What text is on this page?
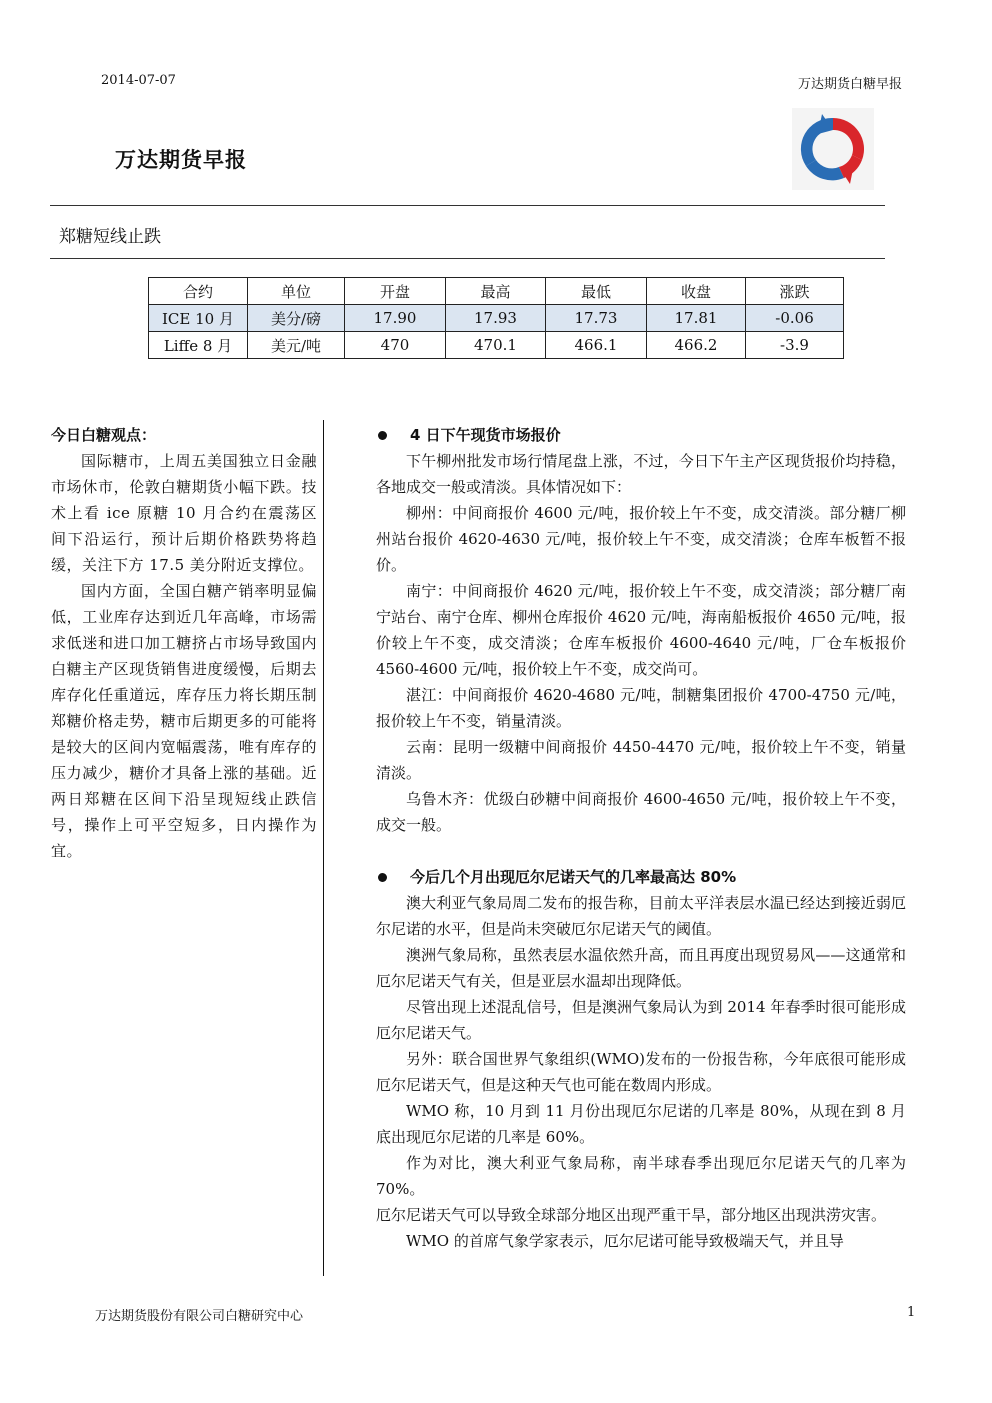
2014-07-07	万达期货白糖早报
万达期货早报
郑糖短线止跌
合约	单位	开盘	最高	最低	收盘	涨跌
ICE 10 月	美分/磅	17.90	17.93	17.73	17.81	-0.06
Liffe 8 月	美元/吨	470	470.1	466.1	466.2	-3.9
今日白糖观点：

国际糖市，上周五美国独立日金融市场休市，伦敦白糖期货小幅下跌。技术上看 ice 原糖 10 月合约在震荡区间下沿运行，预计后期价格跌势将趋缓，关注下方 17.5 美分附近支撑位。

国内方面，全国白糖产销率明显偏低，工业库存达到近几年高峰，市场需求低迷和进口加工糖挤占市场导致国内白糖主产区现货销售进度缓慢，后期去库存化任重道远，库存压力将长期压制郑糖价格走势，糖市后期更多的可能将是较大的区间内宽幅震荡，唯有库存的压力减少，糖价才具备上涨的基础。近两日郑糖在区间下沿呈现短线止跌信号，操作上可平空短多，日内操作为宜。

4 日下午现货市场报价

下午柳州批发市场行情尾盘上涨，不过，今日下午主产区现货报价均持稳，各地成交一般或清淡。具体情况如下：

柳州：中间商报价 4600 元/吨，报价较上午不变，成交清淡。部分糖厂柳州站台报价 4620-4630 元/吨，报价较上午不变，成交清淡；仓库车板暂不报价。

南宁：中间商报价 4620 元/吨，报价较上午不变，成交清淡；部分糖厂南宁站台、南宁仓库、柳州仓库报价 4620 元/吨，海南船板报价 4650 元/吨，报价较上午不变，成交清淡；仓库车板报价 4600-4640 元/吨，厂仓车板报价 4560-4600 元/吨，报价较上午不变，成交尚可。

湛江：中间商报价 4620-4680 元/吨，制糖集团报价 4700-4750 元/吨，报价较上午不变，销量清淡。

云南：昆明一级糖中间商报价 4450-4470 元/吨，报价较上午不变，销量清淡。

乌鲁木齐：优级白砂糖中间商报价 4600-4650 元/吨，报价较上午不变，成交一般。

今后几个月出现厄尔尼诺天气的几率最高达 80%

澳大利亚气象局周二发布的报告称，目前太平洋表层水温已经达到接近弱厄尔尼诺的水平，但是尚未突破厄尔尼诺天气的阈值。

澳洲气象局称，虽然表层水温依然升高，而且再度出现贸易风——这通常和厄尔尼诺天气有关，但是亚层水温却出现降低。

尽管出现上述混乱信号，但是澳洲气象局认为到 2014 年春季时很可能形成厄尔尼诺天气。

另外：联合国世界气象组织(WMO)发布的一份报告称，今年底很可能形成厄尔尼诺天气，但是这种天气也可能在数周内形成。

WMO 称，10 月到 11 月份出现厄尔尼诺的几率是 80%，从现在到 8 月底出现厄尔尼诺的几率是 60%。

作为对比，澳大利亚气象局称，南半球春季出现厄尔尼诺天气的几率为 70%。

厄尔尼诺天气可以导致全球部分地区出现严重干旱，部分地区出现洪涝灾害。

WMO 的首席气象学家表示，厄尔尼诺可能导致极端天气，并且导

万达期货股份有限公司白糖研究中心	1
